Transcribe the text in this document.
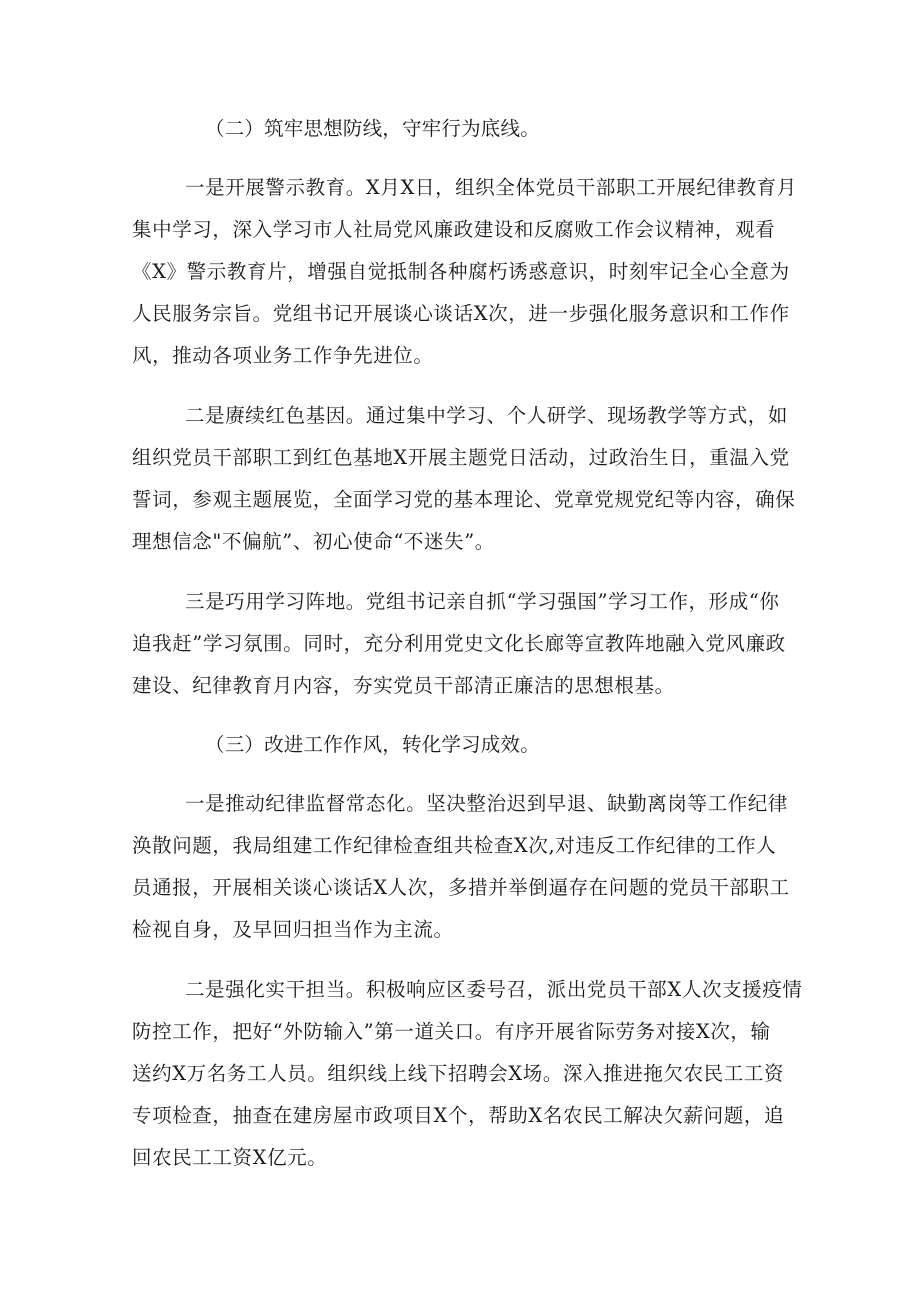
（二）筑牢思想防线，守牢行为底线。
一是开展警示教育。X月X日，组织全体党员干部职工开展纪律教育月
集中学习，深入学习市人社局党风廉政建设和反腐败工作会议精神，观看
《X》警示教育片，增强自觉抵制各种腐朽诱惑意识，时刻牢记全心全意为
人民服务宗旨。党组书记开展谈心谈话X次，进一步强化服务意识和工作作
风，推动各项业务工作争先进位。
二是赓续红色基因。通过集中学习、个人研学、现场教学等方式，如
组织党员干部职工到红色基地X开展主题党日活动，过政治生日，重温入党
誓词，参观主题展览，全面学习党的基本理论、党章党规党纪等内容，确保
理想信念"不偏航”、初心使命“不迷失”。
三是巧用学习阵地。党组书记亲自抓“学习强国”学习工作，形成“你
追我赶”学习氛围。同时，充分利用党史文化长廊等宣教阵地融入党风廉政
建设、纪律教育月内容，夯实党员干部清正廉洁的思想根基。
（三）改进工作作风，转化学习成效。
一是推动纪律监督常态化。坚决整治迟到早退、缺勤离岗等工作纪律
涣散问题，我局组建工作纪律检查组共检查X次,对违反工作纪律的工作人
员通报，开展相关谈心谈话X人次，多措并举倒逼存在问题的党员干部职工
检视自身，及早回归担当作为主流。
二是强化实干担当。积极响应区委号召，派出党员干部X人次支援疫情
防控工作，把好“外防输入”第一道关口。有序开展省际劳务对接X次，输
送约X万名务工人员。组织线上线下招聘会X场。深入推进拖欠农民工工资
专项检查，抽查在建房屋市政项目X个，帮助X名农民工解决欠薪问题，追
回农民工工资X亿元。
